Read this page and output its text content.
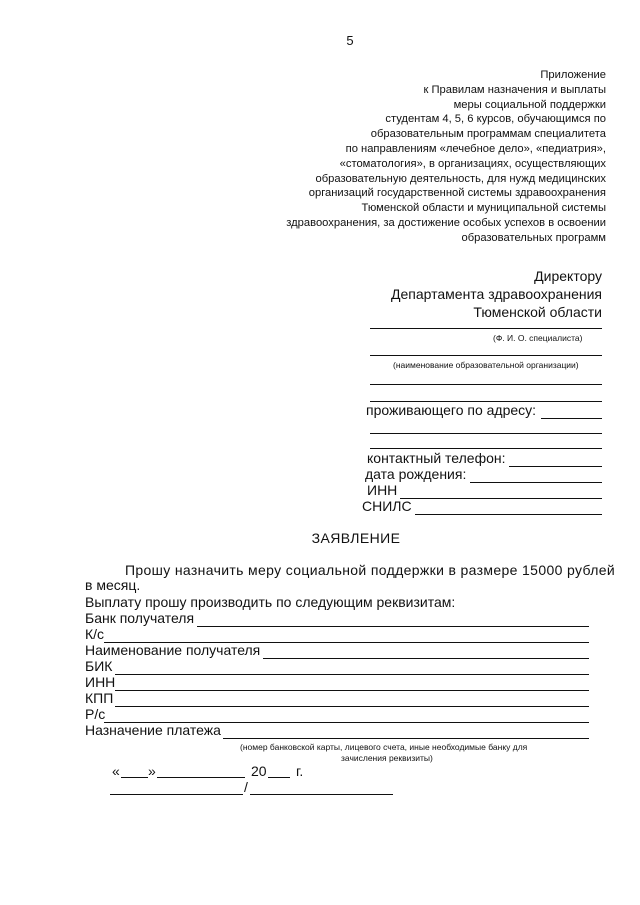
5
Приложение
к Правилам назначения и выплаты
меры социальной поддержки
студентам 4, 5, 6 курсов, обучающимся по
образовательным программам специалитета
по направлениям «лечебное дело», «педиатрия»,
«стоматология», в организациях, осуществляющих
образовательную деятельность, для нужд медицинских
организаций государственной системы здравоохранения
Тюменской области и муниципальной системы
здравоохранения, за достижение особых успехов в освоении
образовательных программ
Директору
Департамента здравоохранения
Тюменской области
(Ф. И. О. специалиста)
(наименование образовательной организации)
проживающего по адресу:
контактный телефон:
дата рождения:
ИНН
СНИЛС
ЗАЯВЛЕНИЕ
Прошу назначить меру социальной поддержки в размере 15000 рублей
в месяц.
Выплату прошу производить по следующим реквизитам:
Банк получателя
К/с
Наименование получателя
БИК
ИНН
КПП
Р/с
Назначение платежа
(номер банковской карты, лицевого счета, иные необходимые банку для
зачисления реквизиты)
« »	20 г.
/
